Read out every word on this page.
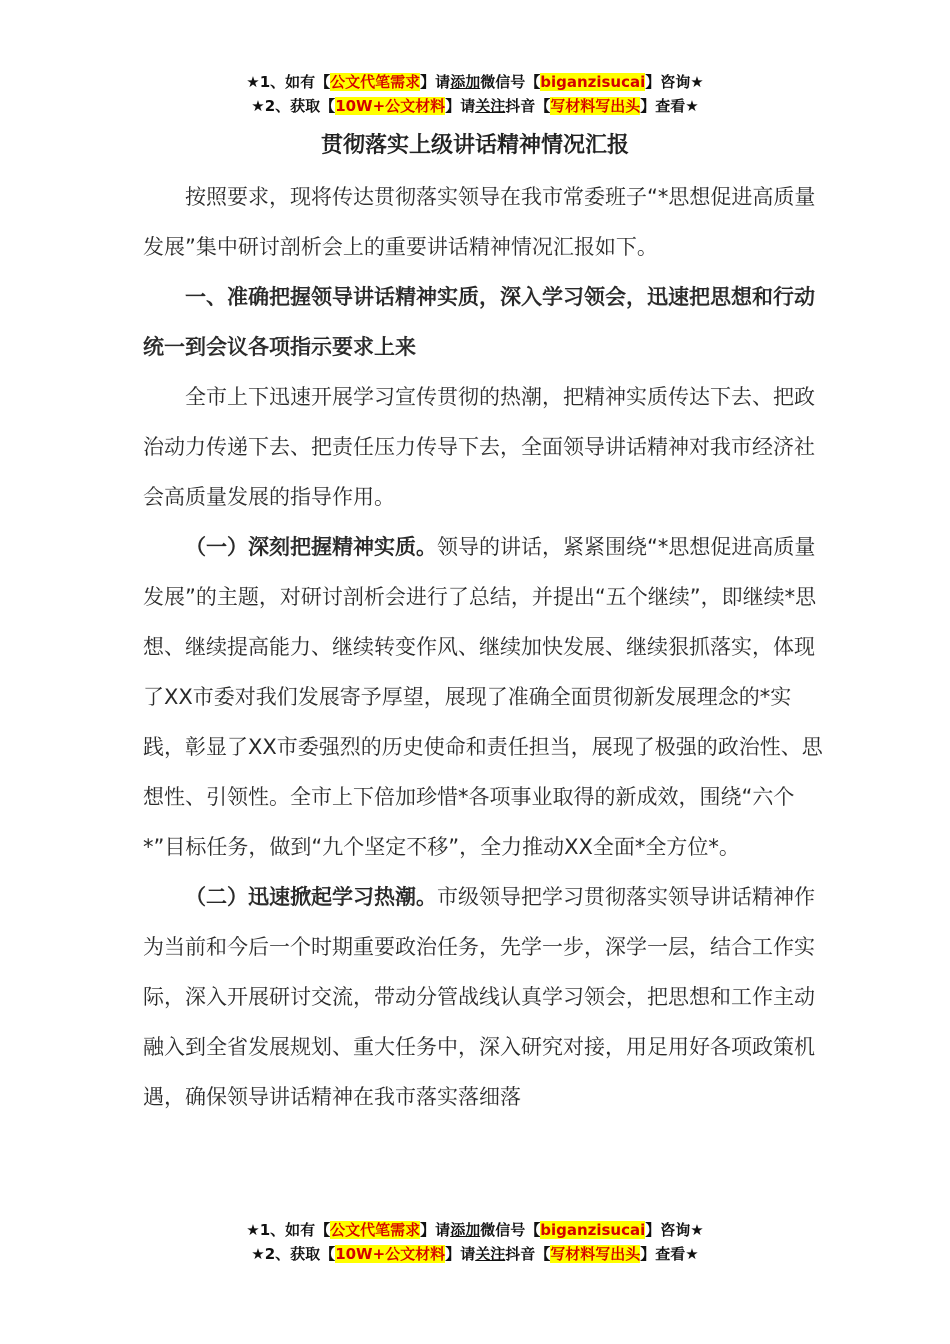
★1、如有【公文代笔需求】请添加微信号【biganzisucai】咨询★
★2、获取【10W+公文材料】请关注抖音【写材料写出头】查看★
贯彻落实上级讲话精神情况汇报

按照要求，现将传达贯彻落实领导在我市常委班子“*思想促进高质量发展”集中研讨剖析会上的重要讲话精神情况汇报如下。

一、准确把握领导讲话精神实质，深入学习领会，迅速把思想和行动统一到会议各项指示要求上来

全市上下迅速开展学习宣传贯彻的热潮，把精神实质传达下去、把政治动力传递下去、把责任压力传导下去，全面领导讲话精神对我市经济社会高质量发展的指导作用。

（一）深刻把握精神实质。领导的讲话，紧紧围绕“*思想促进高质量发展”的主题，对研讨剖析会进行了总结，并提出“五个继续”，即继续*思想、继续提高能力、继续转变作风、继续加快发展、继续狠抓落实，体现了XX市委对我们发展寄予厚望，展现了准确全面贯彻新发展理念的*实践，彰显了XX市委强烈的历史使命和责任担当，展现了极强的政治性、思想性、引领性。全市上下倍加珍惜*各项事业取得的新成效，围绕“六个*”目标任务，做到“九个坚定不移”，全力推动XX全面*全方位*。

（二）迅速掀起学习热潮。市级领导把学习贯彻落实领导讲话精神作为当前和今后一个时期重要政治任务，先学一步，深学一层，结合工作实际，深入开展研讨交流，带动分管战线认真学习领会，把思想和工作主动融入到全省发展规划、重大任务中，深入研究对接，用足用好各项政策机遇，确保领导讲话精神在我市落实落细落

★1、如有【公文代笔需求】请添加微信号【biganzisucai】咨询★
★2、获取【10W+公文材料】请关注抖音【写材料写出头】查看★
